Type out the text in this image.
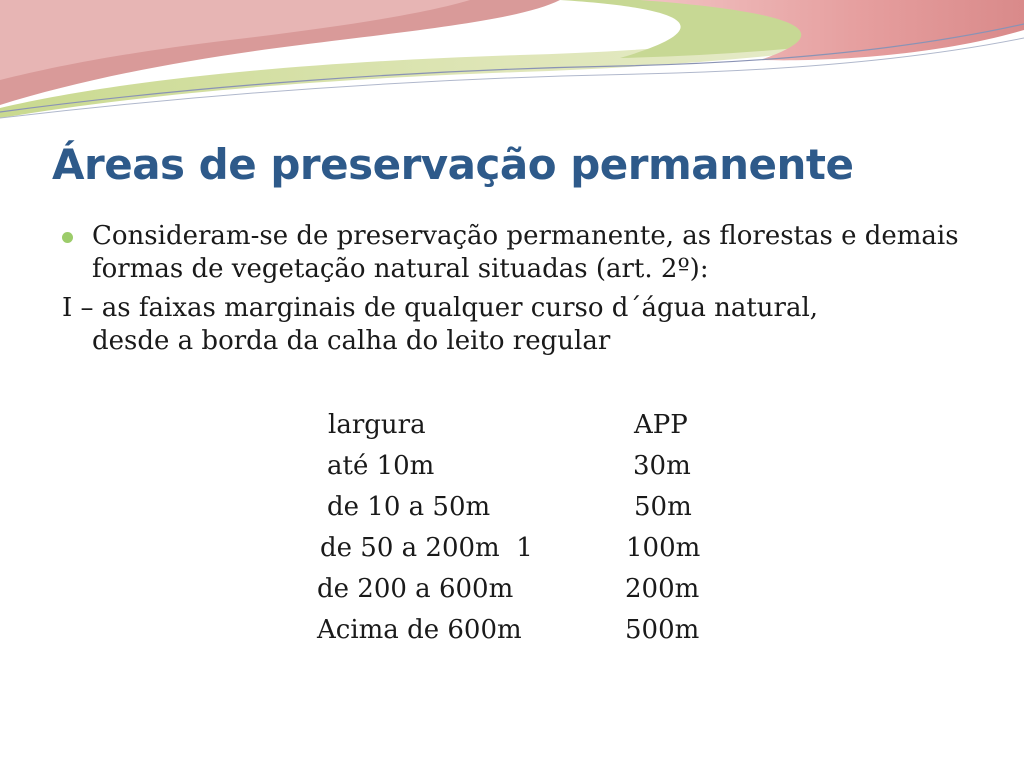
Áreas de preservação permanente
Consideram-se de preservação permanente, as florestas e demais formas de vegetação natural situadas (art. 2º):
I – as faixas marginais de qualquer curso d´água natural,
desde a borda da calha do leito regular
largura	APP
até 10m	30m
de 10 a 50m	50m
de 50 a 200m  1	100m
de 200 a 600m	200m
Acima de 600m	500m
